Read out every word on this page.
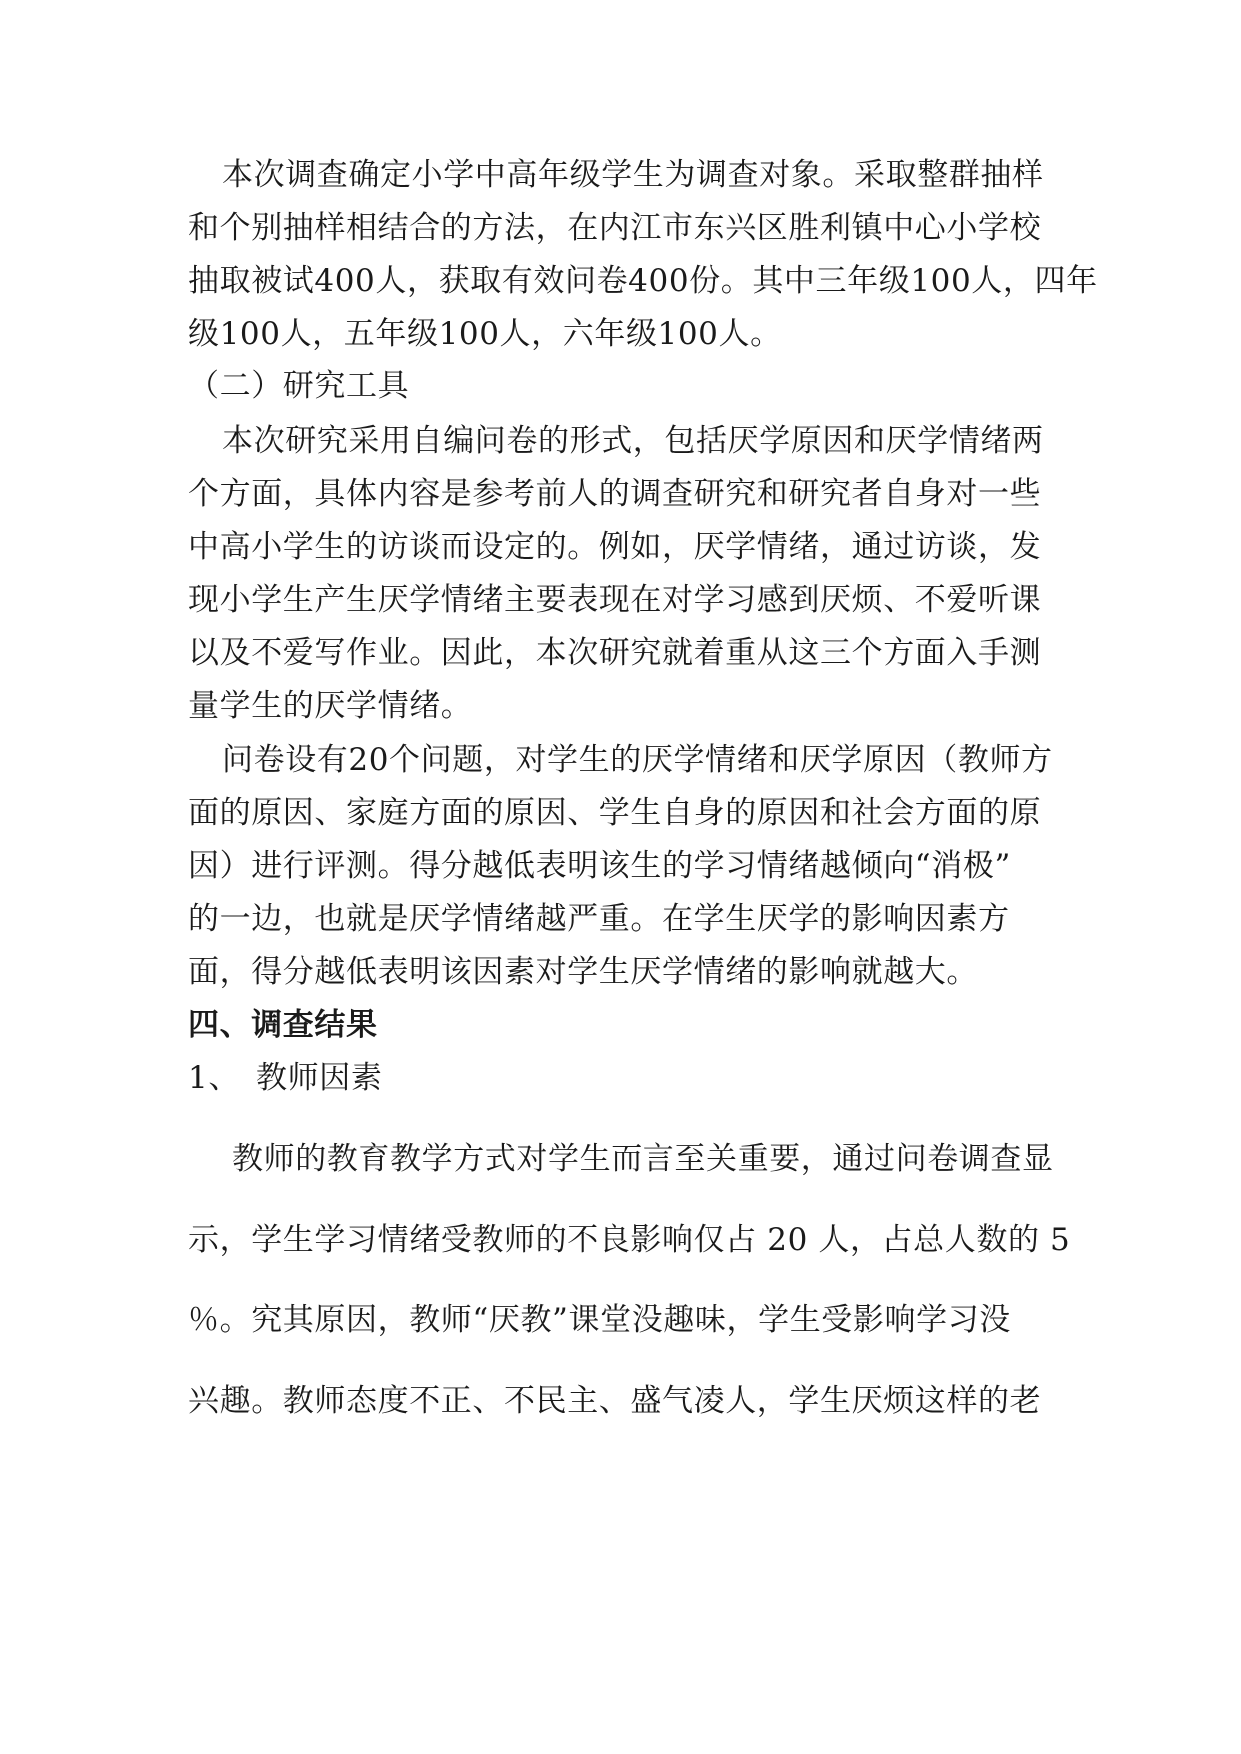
本次调查确定小学中高年级学生为调查对象。采取整群抽样

和个别抽样相结合的方法，在内江市东兴区胜利镇中心小学校

抽取被试400人，获取有效问卷400份。其中三年级100人，四年

级100人，五年级100人，六年级100人。

（二）研究工具

本次研究采用自编问卷的形式，包括厌学原因和厌学情绪两

个方面，具体内容是参考前人的调查研究和研究者自身对一些

中高小学生的访谈而设定的。例如，厌学情绪，通过访谈，发

现小学生产生厌学情绪主要表现在对学习感到厌烦、不爱听课

以及不爱写作业。因此，本次研究就着重从这三个方面入手测

量学生的厌学情绪。

问卷设有20个问题，对学生的厌学情绪和厌学原因（教师方

面的原因、家庭方面的原因、学生自身的原因和社会方面的原

因）进行评测。得分越低表明该生的学习情绪越倾向“消极”

的一边，也就是厌学情绪越严重。在学生厌学的影响因素方

面，得分越低表明该因素对学生厌学情绪的影响就越大。

四、调查结果

1、　教师因素

教师的教育教学方式对学生而言至关重要，通过问卷调查显

示，学生学习情绪受教师的不良影响仅占 20 人，占总人数的 5

％。究其原因，教师“厌教”课堂没趣味，学生受影响学习没

兴趣。教师态度不正、不民主、盛气凌人，学生厌烦这样的老
